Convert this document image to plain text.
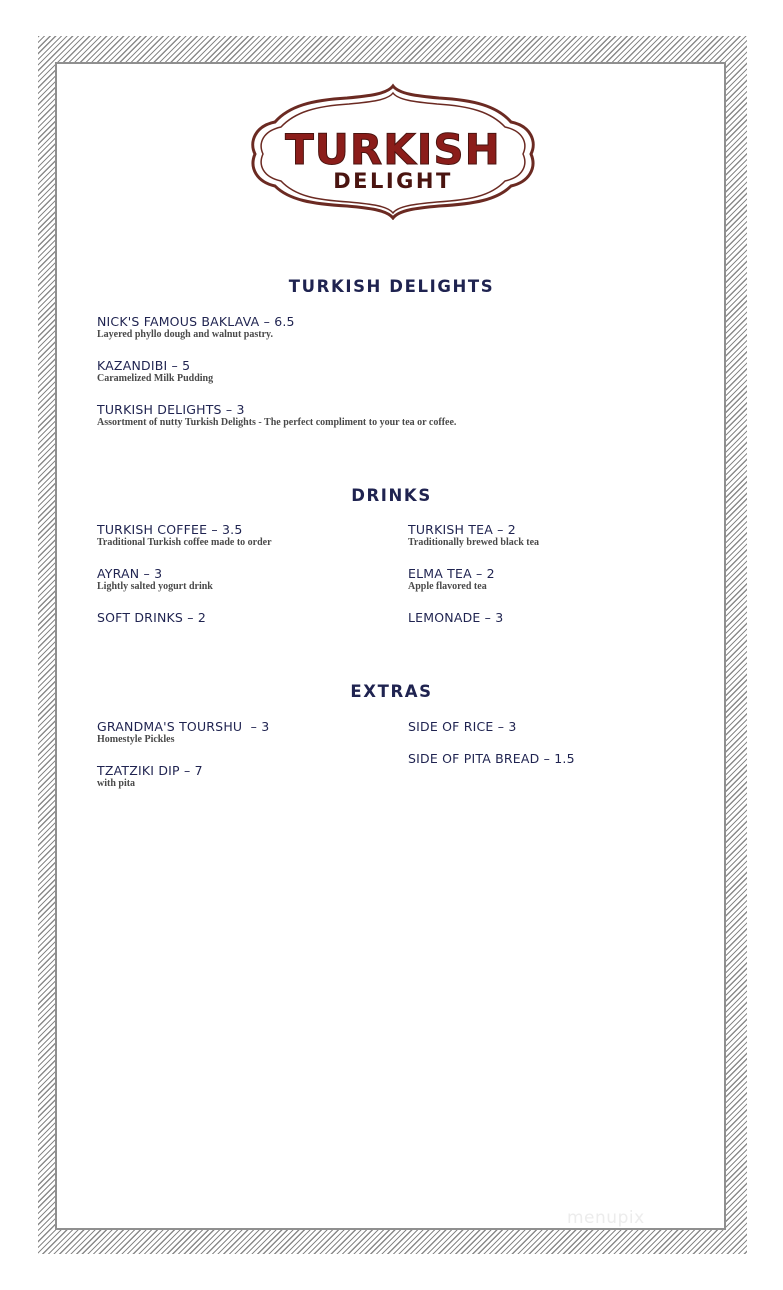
TURKISH
DELIGHT
TURKISH DELIGHTS
NICK'S FAMOUS BAKLAVA – 6.5
Layered phyllo dough and walnut pastry.
KAZANDIBI – 5
Caramelized Milk Pudding
TURKISH DELIGHTS – 3
Assortment of nutty Turkish Delights - The perfect compliment to your tea or coffee.
DRINKS
TURKISH COFFEE – 3.5
Traditional Turkish coffee made to order
TURKISH TEA – 2
Traditionally brewed black tea
AYRAN – 3
Lightly salted yogurt drink
ELMA TEA – 2
Apple flavored tea
SOFT DRINKS – 2	LEMONADE – 3
EXTRAS
GRANDMA'S TOURSHU  – 3
Homestyle Pickles
SIDE OF RICE – 3
TZATZIKI DIP – 7
with pita
SIDE OF PITA BREAD – 1.5
menupix
